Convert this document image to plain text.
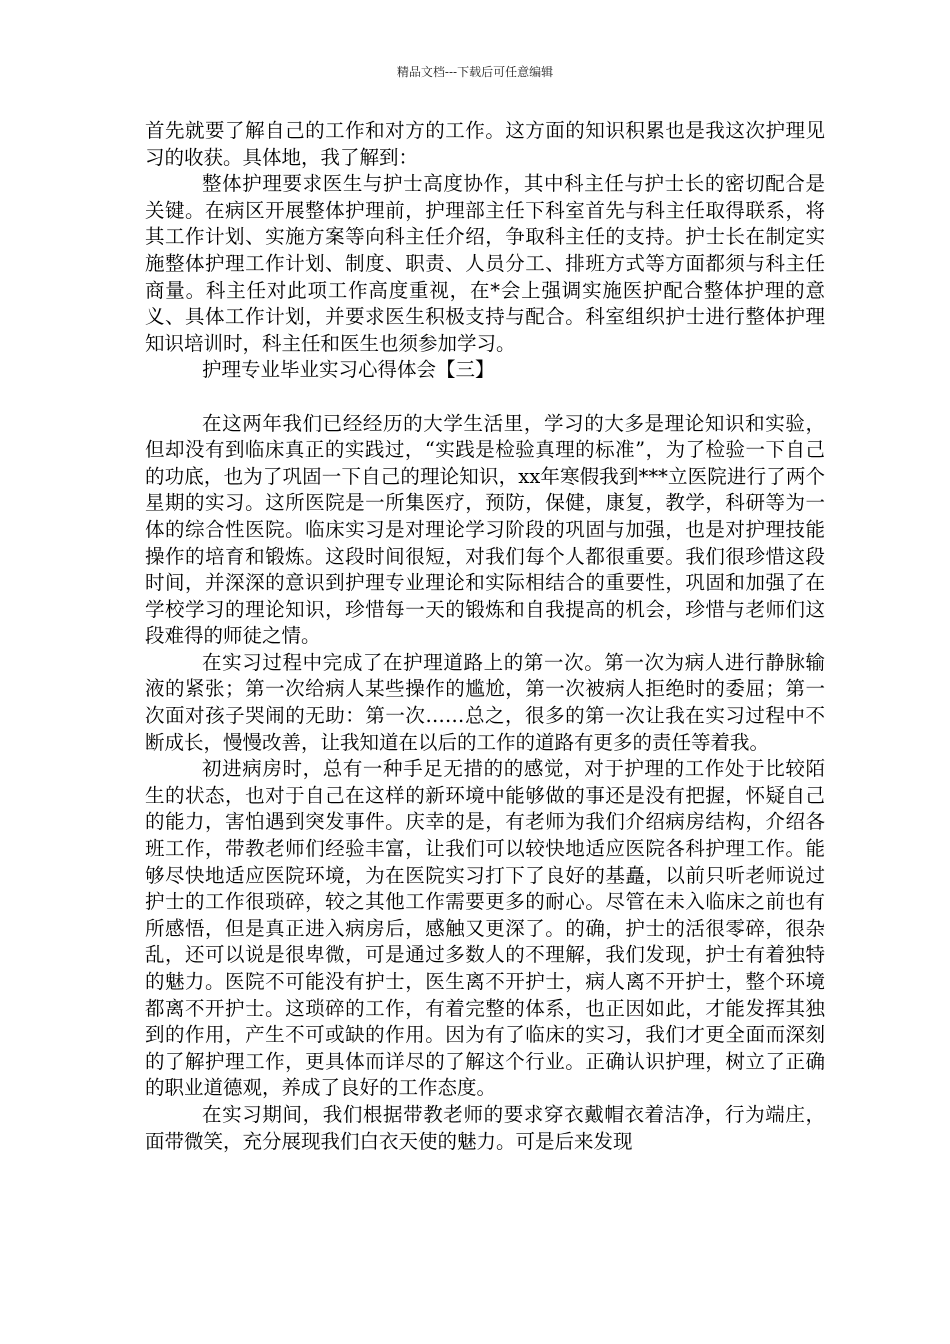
精品文档---下载后可任意编辑

首先就要了解自己的工作和对方的工作。这方面的知识积累也是我这次护理见习的收获。具体地，我了解到：

整体护理要求医生与护士高度协作，其中科主任与护士长的密切配合是关键。在病区开展整体护理前，护理部主任下科室首先与科主任取得联系，将其工作计划、实施方案等向科主任介绍，争取科主任的支持。护士长在制定实施整体护理工作计划、制度、职责、人员分工、排班方式等方面都须与科主任商量。科主任对此项工作高度重视，在*会上强调实施医护配合整体护理的意义、具体工作计划，并要求医生积极支持与配合。科室组织护士进行整体护理知识培训时，科主任和医生也须参加学习。

护理专业毕业实习心得体会【三】

在这两年我们已经经历的大学生活里，学习的大多是理论知识和实验，但却没有到临床真正的实践过，“实践是检验真理的标准”，为了检验一下自己的功底，也为了巩固一下自己的理论知识，xx年寒假我到***立医院进行了两个星期的实习。这所医院是一所集医疗，预防，保健，康复，教学，科研等为一体的综合性医院。临床实习是对理论学习阶段的巩固与加强，也是对护理技能操作的培育和锻炼。这段时间很短，对我们每个人都很重要。我们很珍惜这段时间，并深深的意识到护理专业理论和实际相结合的重要性，巩固和加强了在学校学习的理论知识，珍惜每一天的锻炼和自我提高的机会，珍惜与老师们这段难得的师徒之情。

在实习过程中完成了在护理道路上的第一次。第一次为病人进行静脉输液的紧张；第一次给病人某些操作的尴尬，第一次被病人拒绝时的委屈；第一次面对孩子哭闹的无助：第一次……总之，很多的第一次让我在实习过程中不断成长，慢慢改善，让我知道在以后的工作的道路有更多的责任等着我。

初进病房时，总有一种手足无措的的感觉，对于护理的工作处于比较陌生的状态，也对于自己在这样的新环境中能够做的事还是没有把握，怀疑自己的能力，害怕遇到突发事件。庆幸的是，有老师为我们介绍病房结构，介绍各班工作，带教老师们经验丰富，让我们可以较快地适应医院各科护理工作。能够尽快地适应医院环境，为在医院实习打下了良好的基矗，以前只听老师说过护士的工作很琐碎，较之其他工作需要更多的耐心。尽管在未入临床之前也有所感悟，但是真正进入病房后，感触又更深了。的确，护士的活很零碎，很杂乱，还可以说是很卑微，可是通过多数人的不理解，我们发现，护士有着独特的魅力。医院不可能没有护士，医生离不开护士，病人离不开护士，整个环境都离不开护士。这琐碎的工作，有着完整的体系，也正因如此，才能发挥其独到的作用，产生不可或缺的作用。因为有了临床的实习，我们才更全面而深刻的了解护理工作，更具体而详尽的了解这个行业。正确认识护理，树立了正确的职业道德观，养成了良好的工作态度。

在实习期间，我们根据带教老师的要求穿衣戴帽衣着洁净，行为端庄，面带微笑，充分展现我们白衣天使的魅力。可是后来发现
